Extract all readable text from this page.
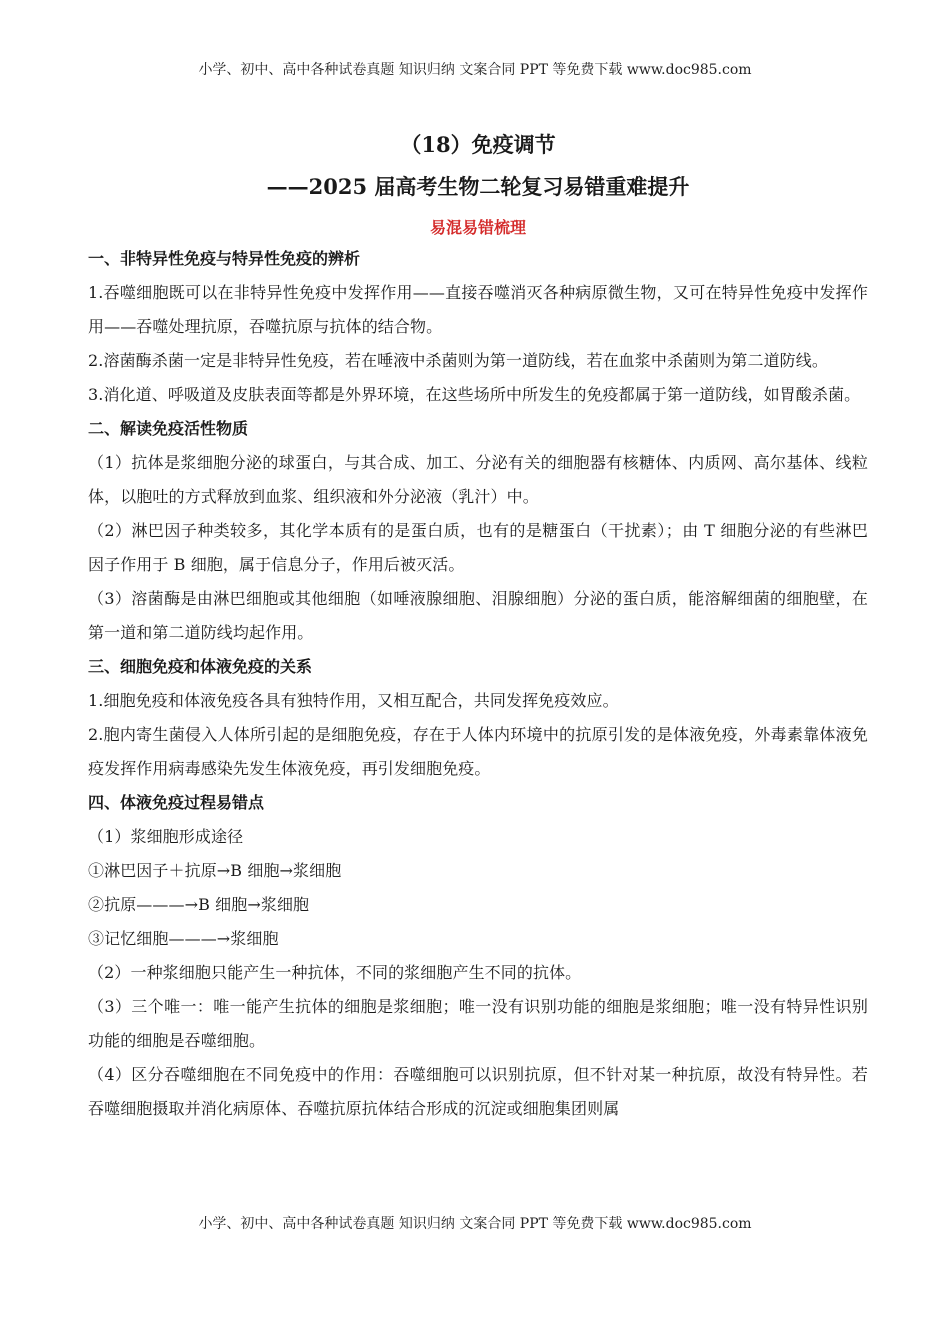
小学、初中、高中各种试卷真题 知识归纳 文案合同 PPT 等免费下载 www.doc985.com

（18）免疫调节

——2025 届高考生物二轮复习易错重难提升

易混易错梳理

一、非特异性免疫与特异性免疫的辨析

1.吞噬细胞既可以在非特异性免疫中发挥作用——直接吞噬消灭各种病原微生物，又可在特异性免疫中发挥作用——吞噬处理抗原，吞噬抗原与抗体的结合物。

2.溶菌酶杀菌一定是非特异性免疫，若在唾液中杀菌则为第一道防线，若在血浆中杀菌则为第二道防线。

3.消化道、呼吸道及皮肤表面等都是外界环境，在这些场所中所发生的免疫都属于第一道防线，如胃酸杀菌。

二、解读免疫活性物质

（1）抗体是浆细胞分泌的球蛋白，与其合成、加工、分泌有关的细胞器有核糖体、内质网、高尔基体、线粒体，以胞吐的方式释放到血浆、组织液和外分泌液（乳汁）中。

（2）淋巴因子种类较多，其化学本质有的是蛋白质，也有的是糖蛋白（干扰素）；由 T 细胞分泌的有些淋巴因子作用于 B 细胞，属于信息分子，作用后被灭活。

（3）溶菌酶是由淋巴细胞或其他细胞（如唾液腺细胞、泪腺细胞）分泌的蛋白质，能溶解细菌的细胞壁，在第一道和第二道防线均起作用。

三、细胞免疫和体液免疫的关系

1.细胞免疫和体液免疫各具有独特作用，又相互配合，共同发挥免疫效应。

2.胞内寄生菌侵入人体所引起的是细胞免疫，存在于人体内环境中的抗原引发的是体液免疫，外毒素靠体液免疫发挥作用病毒感染先发生体液免疫，再引发细胞免疫。

四、体液免疫过程易错点

（1）浆细胞形成途径

①淋巴因子＋抗原→B 细胞→浆细胞

②抗原———→B 细胞→浆细胞

③记忆细胞———→浆细胞

（2）一种浆细胞只能产生一种抗体，不同的浆细胞产生不同的抗体。

（3）三个唯一：唯一能产生抗体的细胞是浆细胞；唯一没有识别功能的细胞是浆细胞；唯一没有特异性识别功能的细胞是吞噬细胞。

（4）区分吞噬细胞在不同免疫中的作用：吞噬细胞可以识别抗原，但不针对某一种抗原，故没有特异性。若吞噬细胞摄取并消化病原体、吞噬抗原抗体结合形成的沉淀或细胞集团则属

小学、初中、高中各种试卷真题 知识归纳 文案合同 PPT 等免费下载 www.doc985.com
